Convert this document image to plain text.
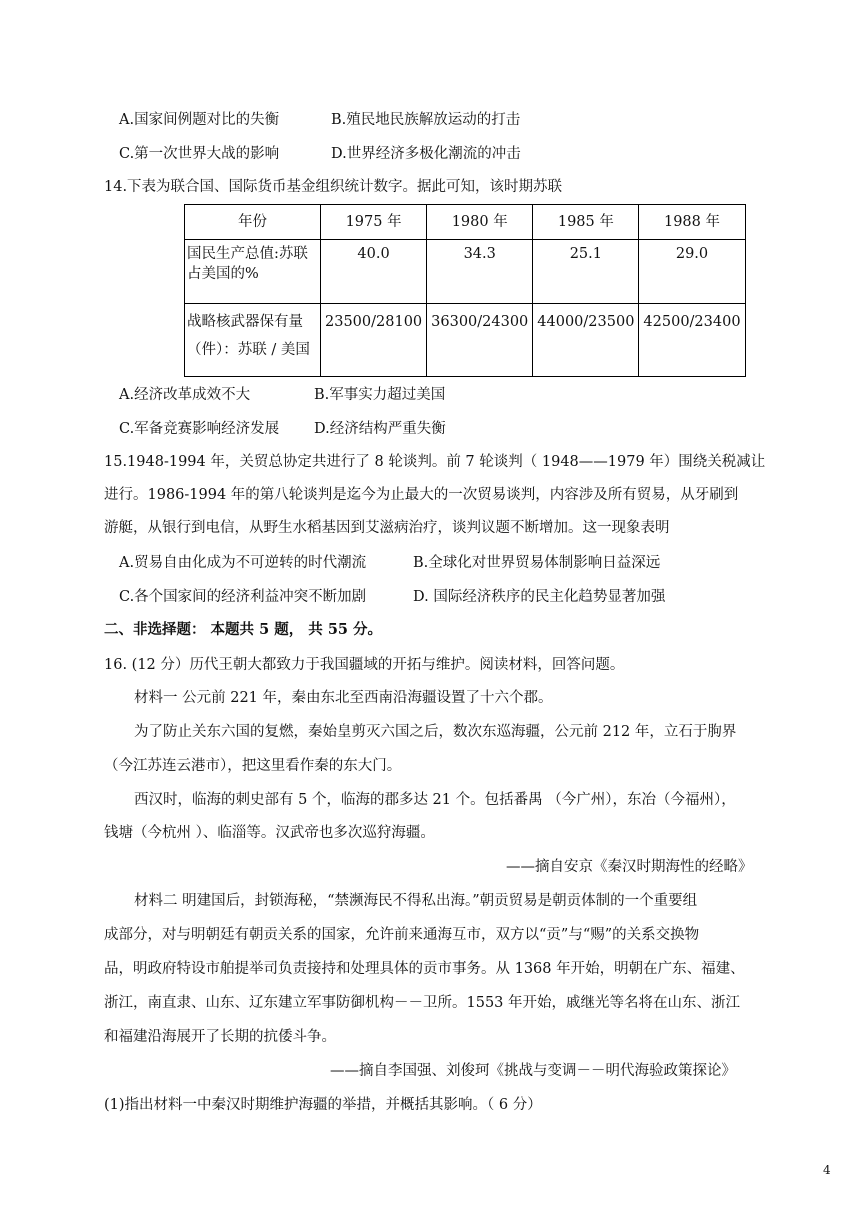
A.国家间例题对比的失衡	B.殖民地民族解放运动的打击
C.第一次世界大战的影响	D.世界经济多极化潮流的冲击
14.下表为联合国、国际货币基金组织统计数字。据此可知，该时期苏联
年份	1975 年	1980 年	1985 年	1988 年

国民生产总值:苏联
占美国的%	40.0	34.3	25.1	29.0

战略核武器保有量
（件）：苏联 / 美国	23500/28100	36300/24300	44000/23500	42500/23400
A.经济改革成效不大	B.军事实力超过美国
C.军备竞赛影响经济发展 D.经济结构严重失衡
15.1948-1994 年，关贸总协定共进行了 8 轮谈判。前 7 轮谈判（ 1948——1979 年）围绕关税减让
进行。1986-1994 年的第八轮谈判是迄今为止最大的一次贸易谈判，内容涉及所有贸易，从牙刷到
游艇，从银行到电信，从野生水稻基因到艾滋病治疗，谈判议题不断增加。这一现象表明
A.贸易自由化成为不可逆转的时代潮流	B.全球化对世界贸易体制影响日益深远
C.各个国家间的经济利益冲突不断加剧	D. 国际经济秩序的民主化趋势显著加强
二、非选择题： 本题共 5 题， 共 55 分。
16. (12 分）历代王朝大都致力于我国疆域的开拓与维护。阅读材料，回答问题。
材料一 公元前 221 年，秦由东北至西南沿海疆设置了十六个郡。
为了防止关东六国的复燃，秦始皇剪灭六国之后，数次东巡海疆，公元前 212 年，立石于朐界
（今江苏连云港市），把这里看作秦的东大门。
西汉时，临海的刺史部有 5 个，临海的郡多达 21 个。包括番禺 （今广州），东冶（今福州），
钱塘（今杭州 ）、临淄等。汉武帝也多次巡狩海疆。
——摘自安京《秦汉时期海性的经略》
材料二 明建国后，封锁海秘，“禁濒海民不得私出海。”朝贡贸易是朝贡体制的一个重要组
成部分，对与明朝廷有朝贡关系的国家，允许前来通海互市，双方以“贡”与“赐”的关系交换物
品，明政府特设市舶提举司负责接持和处理具体的贡市事务。从 1368 年开始，明朝在广东、福建、
浙江，南直隶、山东、辽东建立军事防御机构－－卫所。1553 年开始，戚继光等名将在山东、浙江
和福建沿海展开了长期的抗倭斗争。
——摘自李国强、刘俊珂《挑战与变调－－明代海验政策探论》
(1)指出材料一中秦汉时期维护海疆的举措，并概括其影响。（ 6 分）
4
